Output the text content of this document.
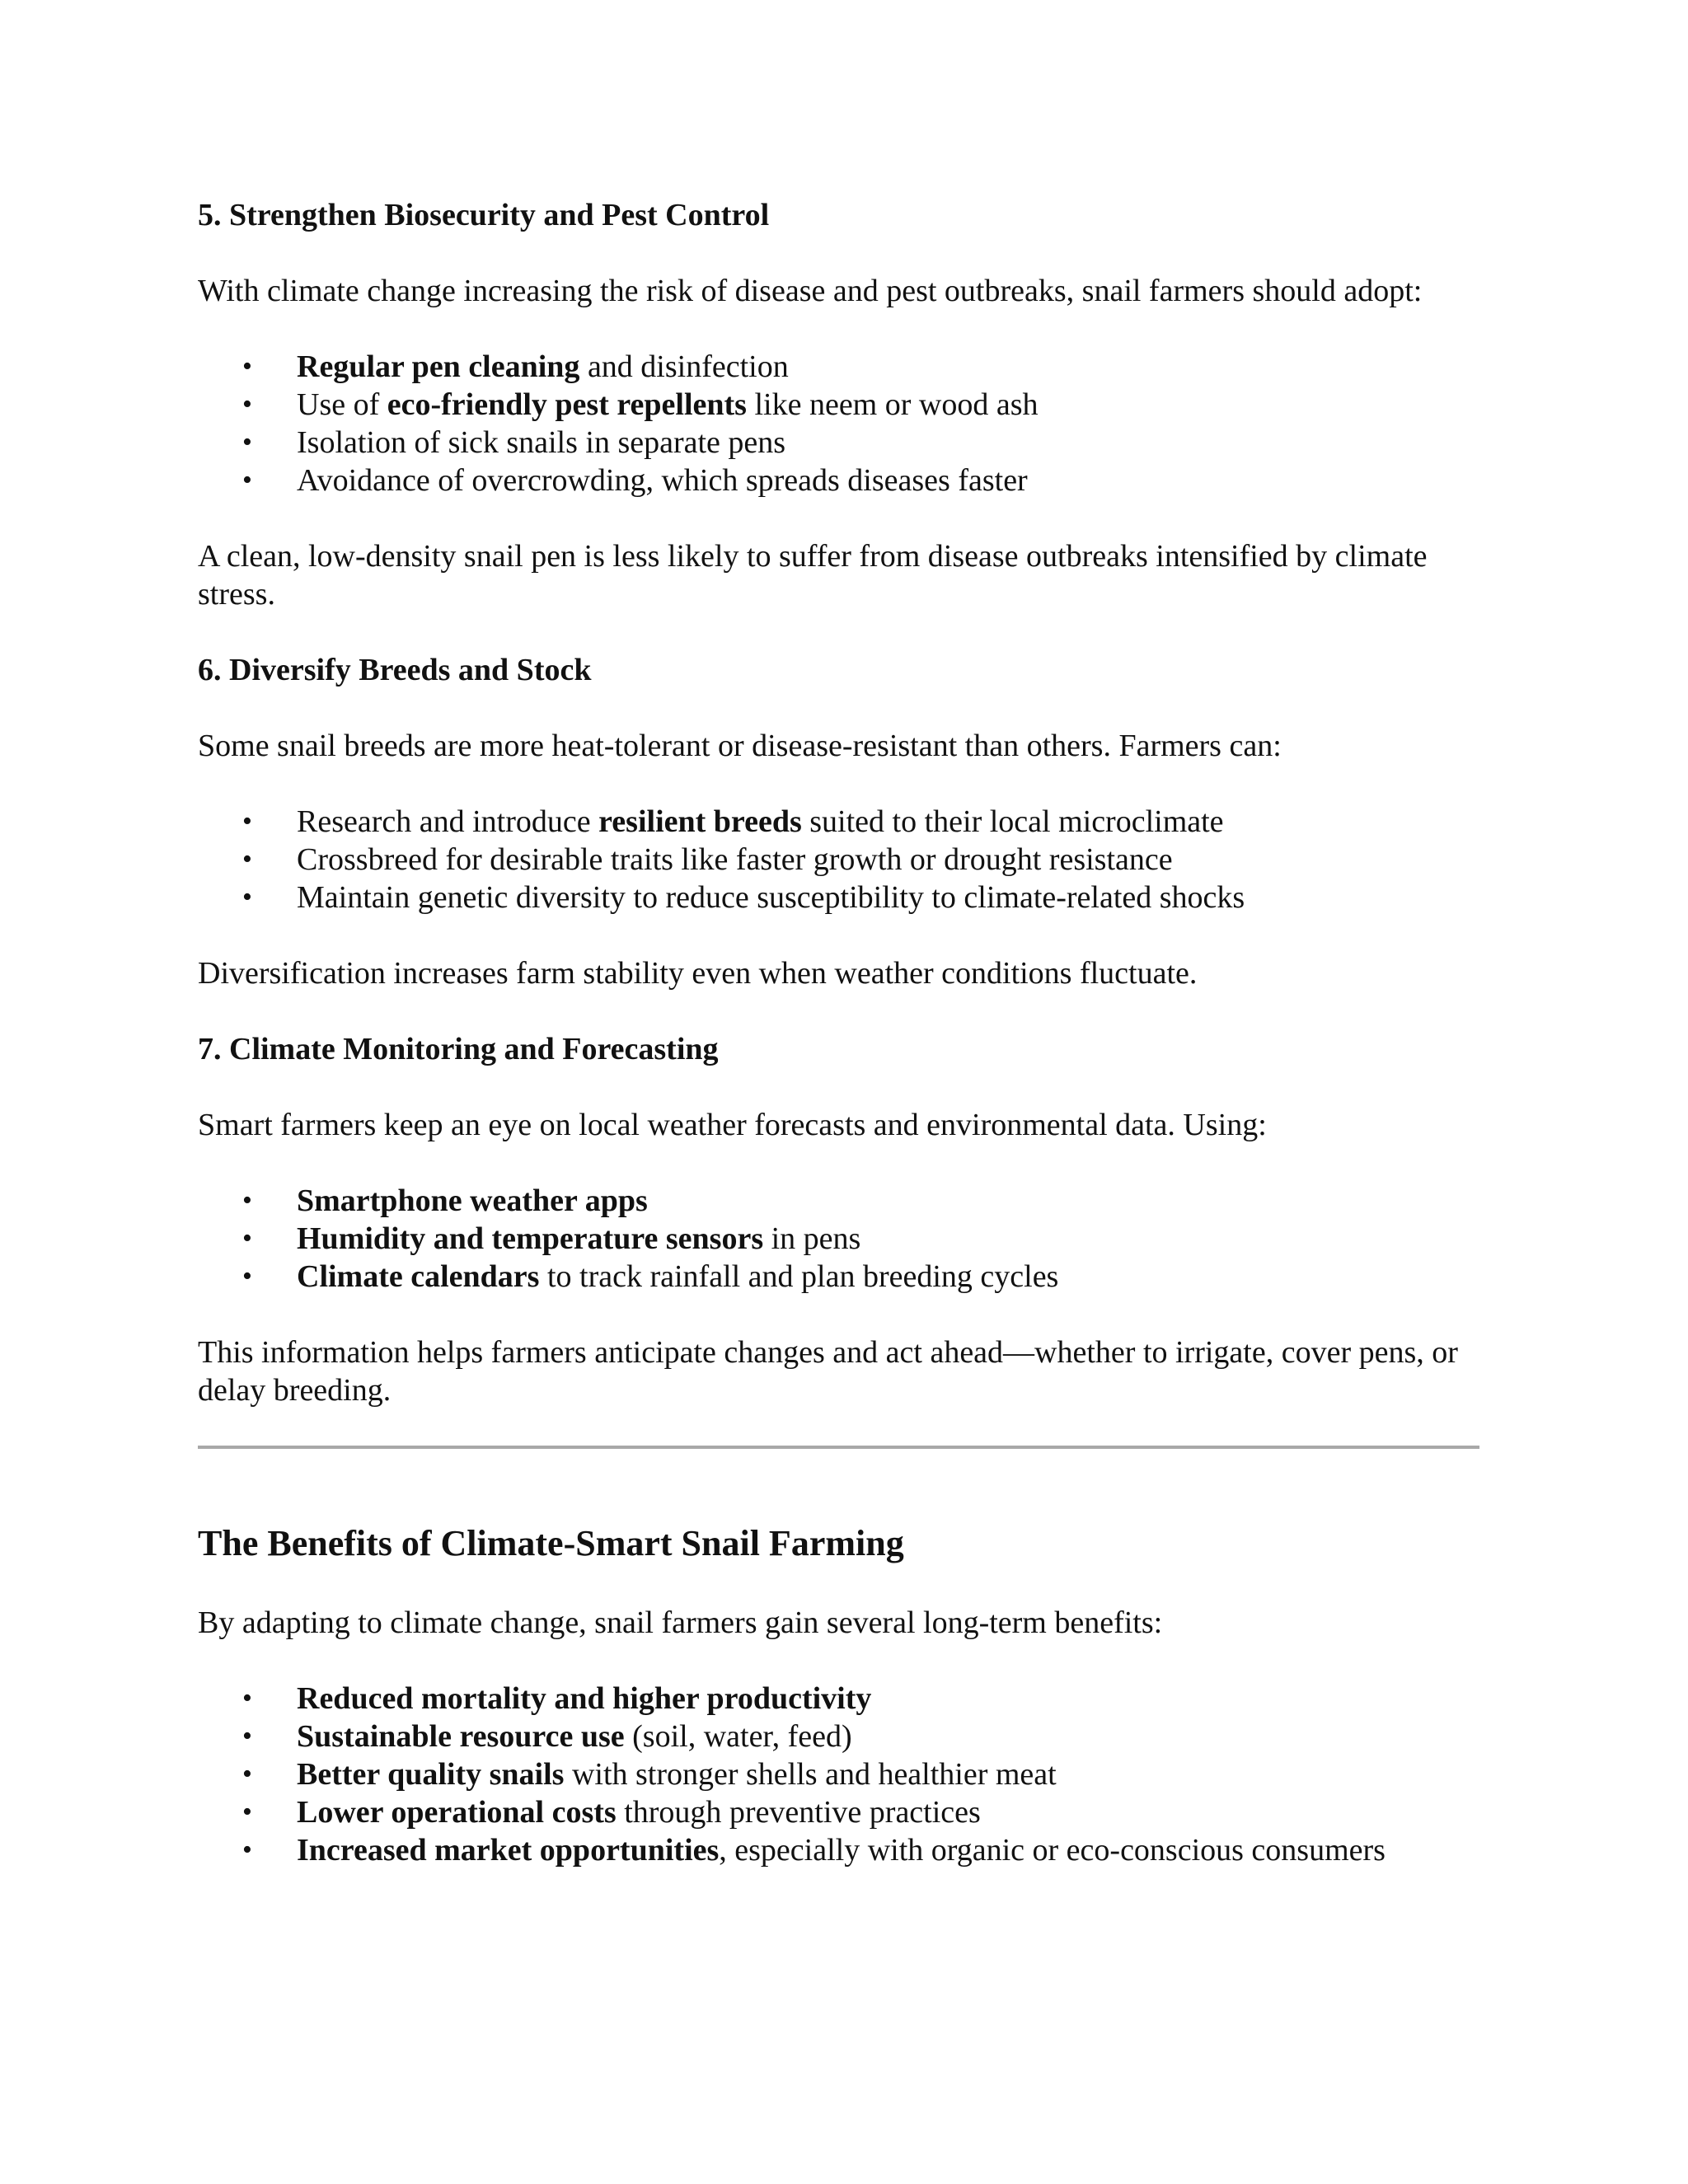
5. Strengthen Biosecurity and Pest Control

With climate change increasing the risk of disease and pest outbreaks, snail farmers should adopt:

• Regular pen cleaning and disinfection
• Use of eco-friendly pest repellents like neem or wood ash
• Isolation of sick snails in separate pens
• Avoidance of overcrowding, which spreads diseases faster

A clean, low-density snail pen is less likely to suffer from disease outbreaks intensified by climate stress.

6. Diversify Breeds and Stock

Some snail breeds are more heat-tolerant or disease-resistant than others. Farmers can:

• Research and introduce resilient breeds suited to their local microclimate
• Crossbreed for desirable traits like faster growth or drought resistance
• Maintain genetic diversity to reduce susceptibility to climate-related shocks

Diversification increases farm stability even when weather conditions fluctuate.

7. Climate Monitoring and Forecasting

Smart farmers keep an eye on local weather forecasts and environmental data. Using:

• Smartphone weather apps
• Humidity and temperature sensors in pens
• Climate calendars to track rainfall and plan breeding cycles

This information helps farmers anticipate changes and act ahead—whether to irrigate, cover pens, or delay breeding.

The Benefits of Climate-Smart Snail Farming

By adapting to climate change, snail farmers gain several long-term benefits:

• Reduced mortality and higher productivity
• Sustainable resource use (soil, water, feed)
• Better quality snails with stronger shells and healthier meat
• Lower operational costs through preventive practices
• Increased market opportunities, especially with organic or eco-conscious consumers
